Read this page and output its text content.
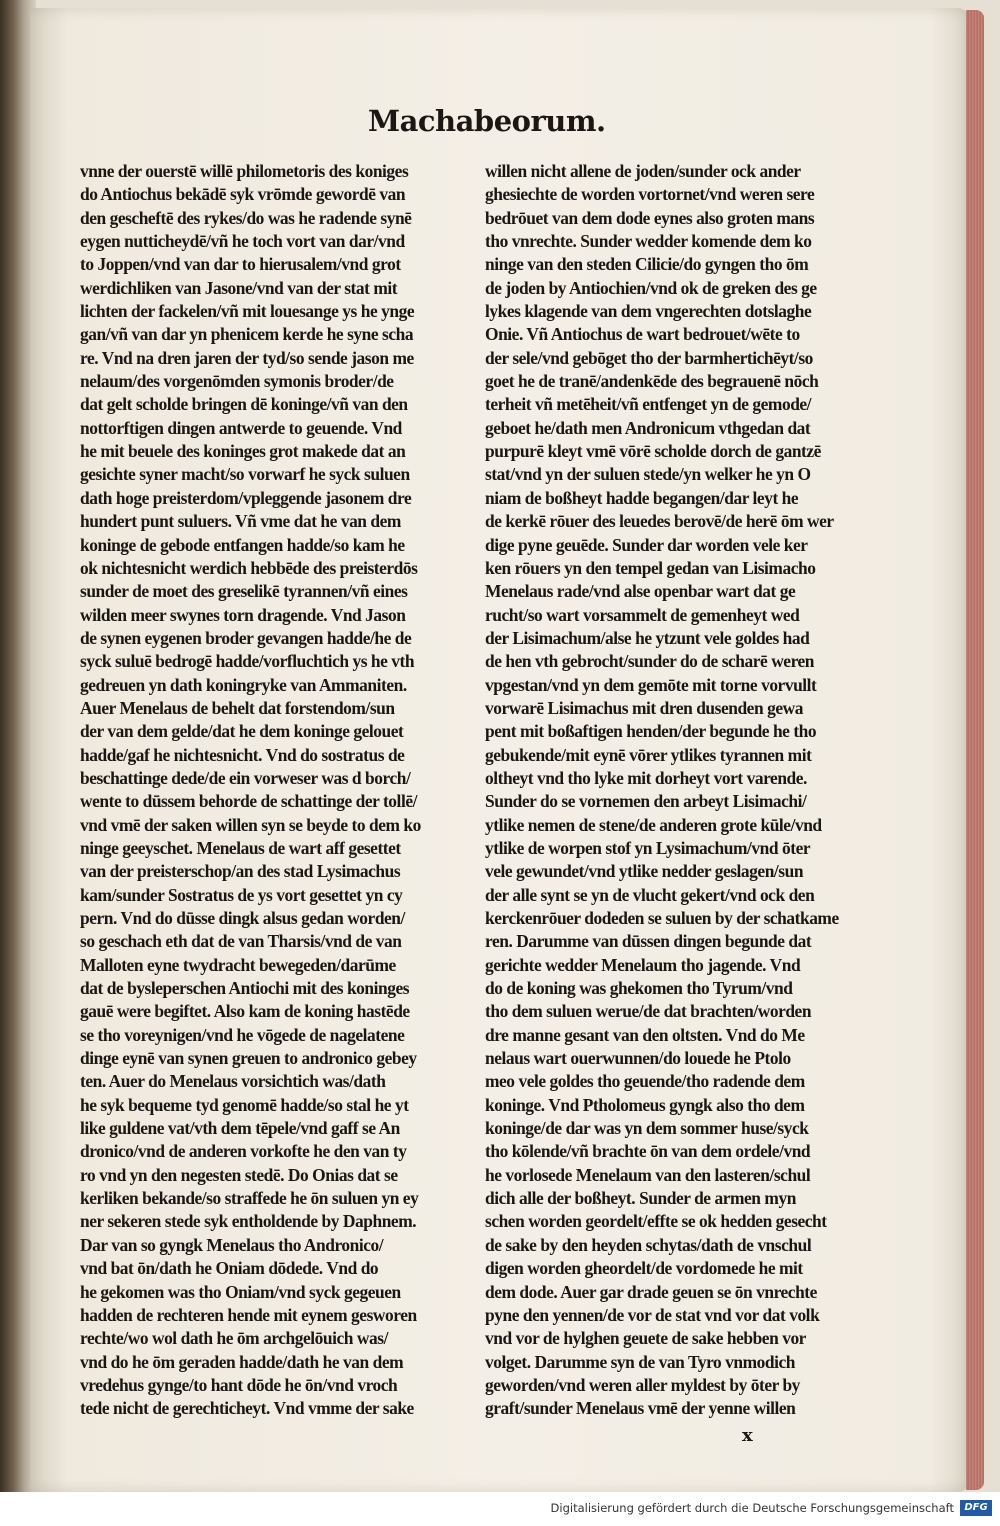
Machabeorum.
vnne der ouerstē willē philometoris des koniges
do Antiochus bekādē syk vrōmde gewordē van
den gescheftē des rykes/do was he radende synē
eygen nutticheydē/vñ he toch vort van dar/vnd
to Joppen/vnd van dar to hierusalem/vnd grot
werdichliken van Jasone/vnd van der stat mit
lichten der fackelen/vñ mit louesange ys he ynge
gan/vñ van dar yn phenicem kerde he syne scha
re. Vnd na dren jaren der tyd/so sende jason me
nelaum/des vorgenōmden symonis broder/de
dat gelt scholde bringen dē koninge/vñ van den
nottorftigen dingen antwerde to geuende. Vnd
he mit beuele des koninges grot makede dat an
gesichte syner macht/so vorwarf he syck suluen
dath hoge preisterdom/vpleggende jasonem dre
hundert punt suluers. Vñ vme dat he van dem
koninge de gebode entfangen hadde/so kam he
ok nichtesnicht werdich hebbēde des preisterdōs
sunder de moet des greselikē tyrannen/vñ eines
wilden meer swynes torn dragende. Vnd Jason
de synen eygenen broder gevangen hadde/he de
syck suluē bedrogē hadde/vorfluchtich ys he vth
gedreuen yn dath koningryke van Ammaniten.
Auer Menelaus de behelt dat forstendom/sun
der van dem gelde/dat he dem koninge gelouet
hadde/gaf he nichtesnicht. Vnd do sostratus de
beschattinge dede/de ein vorweser was d borch/
wente to dūssem behorde de schattinge der tollē/
vnd vmē der saken willen syn se beyde to dem ko
ninge geeyschet. Menelaus de wart aff gesettet
van der preisterschop/an des stad Lysimachus
kam/sunder Sostratus de ys vort gesettet yn cy
pern. Vnd do dūsse dingk alsus gedan worden/
so geschach eth dat de van Tharsis/vnd de van
Malloten eyne twydracht bewegeden/darūme
dat de bysleperschen Antiochi mit des koninges
gauē were begiftet. Also kam de koning hastēde
se tho voreynigen/vnd he vōgede de nagelatene
dinge eynē van synen greuen to andronico gebey
ten. Auer do Menelaus vorsichtich was/dath
he syk bequeme tyd genomē hadde/so stal he yt
like guldene vat/vth dem tēpele/vnd gaff se An
dronico/vnd de anderen vorkofte he den van ty
ro vnd yn den negesten stedē. Do Onias dat se
kerliken bekande/so straffede he ōn suluen yn ey
ner sekeren stede syk entholdende by Daphnem.
Dar van so gyngk Menelaus tho Andronico/
vnd bat ōn/dath he Oniam dōdede. Vnd do
he gekomen was tho Oniam/vnd syck gegeuen
hadden de rechteren hende mit eynem gesworen
rechte/wo wol dath he ōm archgelōuich was/
vnd do he ōm geraden hadde/dath he van dem
vredehus gynge/to hant dōde he ōn/vnd vroch
tede nicht de gerechticheyt. Vnd vmme der sake
willen nicht allene de joden/sunder ock ander
ghesiechte de worden vortornet/vnd weren sere
bedrōuet van dem dode eynes also groten mans
tho vnrechte. Sunder wedder komende dem ko
ninge van den steden Cilicie/do gyngen tho ōm
de joden by Antiochien/vnd ok de greken des ge
lykes klagende van dem vngerechten dotslaghe
Onie. Vñ Antiochus de wart bedrouet/wēte to
der sele/vnd gebōget tho der barmhertichēyt/so
goet he de tranē/andenkēde des begrauenē nōch
terheit vñ metēheit/vñ entfenget yn de gemode/
geboet he/dath men Andronicum vthgedan dat
purpurē kleyt vmē vōrē scholde dorch de gantzē
stat/vnd yn der suluen stede/yn welker he yn O
niam de boßheyt hadde begangen/dar leyt he
de kerkē rōuer des leuedes berovē/de herē ōm wer
dige pyne geuēde. Sunder dar worden vele ker
ken rōuers yn den tempel gedan van Lisimacho
Menelaus rade/vnd alse openbar wart dat ge
rucht/so wart vorsammelt de gemenheyt wed
der Lisimachum/alse he ytzunt vele goldes had
de hen vth gebrocht/sunder do de scharē weren
vpgestan/vnd yn dem gemōte mit torne vorvullt
vorwarē Lisimachus mit dren dusenden gewa
pent mit boßaftigen henden/der begunde he tho
gebukende/mit eynē vōrer ytlikes tyrannen mit
oltheyt vnd tho lyke mit dorheyt vort varende.
Sunder do se vornemen den arbeyt Lisimachi/
ytlike nemen de stene/de anderen grote kūle/vnd
ytlike de worpen stof yn Lysimachum/vnd ōter
vele gewundet/vnd ytlike nedder geslagen/sun
der alle synt se yn de vlucht gekert/vnd ock den
kerckenrōuer dodeden se suluen by der schatkame
ren. Darumme van dūssen dingen begunde dat
gerichte wedder Menelaum tho jagende. Vnd
do de koning was ghekomen tho Tyrum/vnd
tho dem suluen werue/de dat brachten/worden
dre manne gesant van den oltsten. Vnd do Me
nelaus wart ouerwunnen/do louede he Ptolo
meo vele goldes tho geuende/tho radende dem
koninge. Vnd Ptholomeus gyngk also tho dem
koninge/de dar was yn dem sommer huse/syck
tho kōlende/vñ brachte ōn van dem ordele/vnd
he vorlosede Menelaum van den lasteren/schul
dich alle der boßheyt. Sunder de armen myn
schen worden geordelt/effte se ok hedden gesecht
de sake by den heyden schytas/dath de vnschul
digen worden gheordelt/de vordomede he mit
dem dode. Auer gar drade geuen se ōn vnrechte
pyne den yennen/de vor de stat vnd vor dat volk
vnd vor de hylghen geuete de sake hebben vor
volget. Darumme syn de van Tyro vnmodich
geworden/vnd weren aller myldest by ōter by
graft/sunder Menelaus vmē der yenne willen
Digitalisierung gefördert durch die Deutsche Forschungsgemeinschaft	DFG
x
